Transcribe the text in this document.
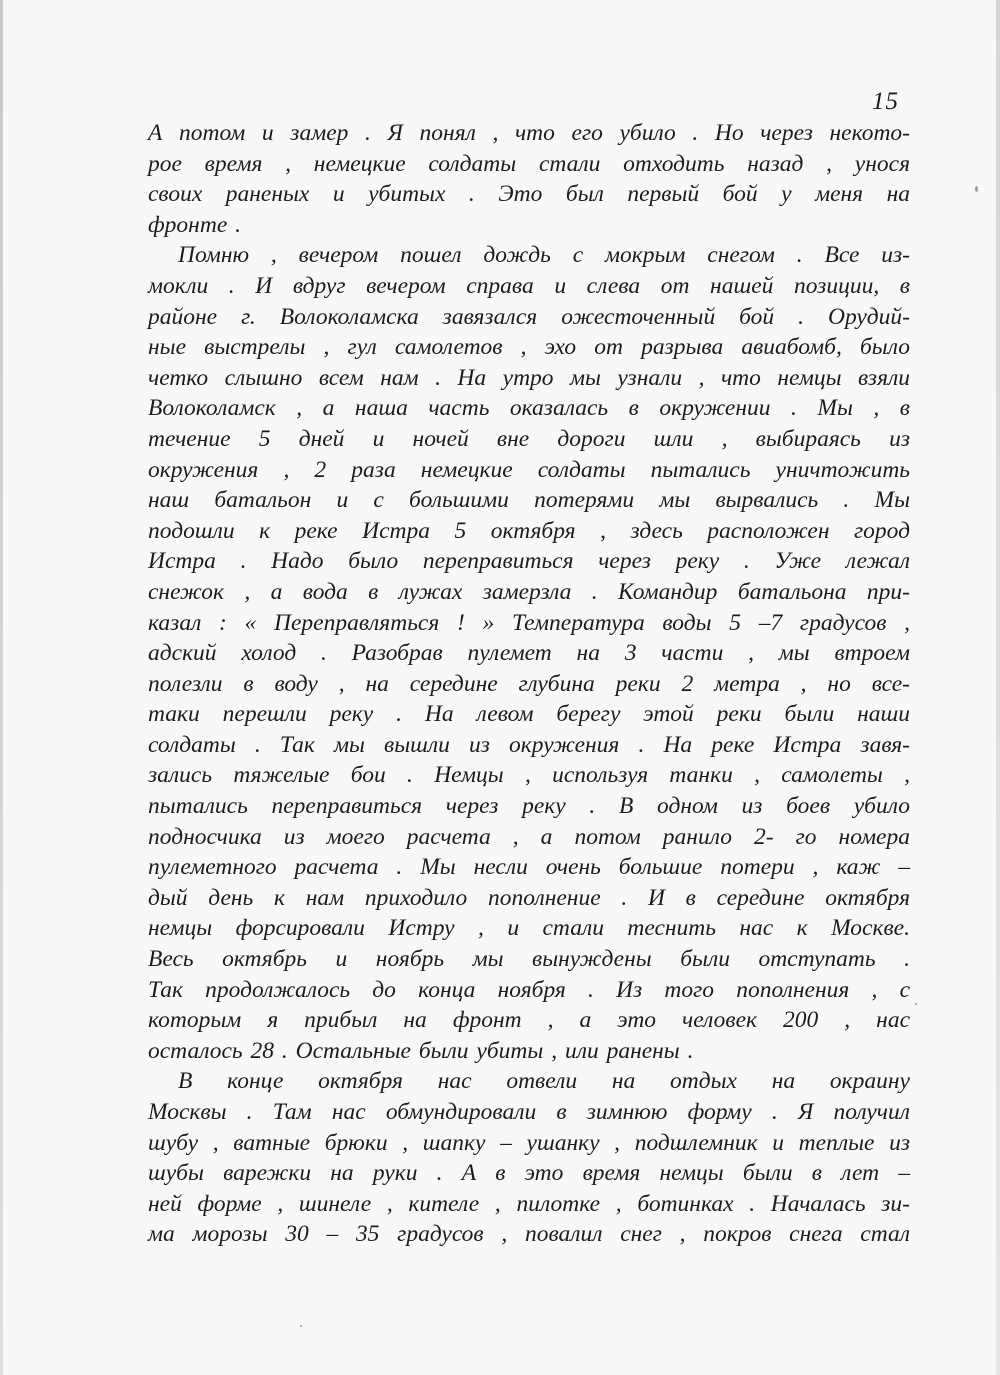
15
А потом и замер . Я понял , что его убило . Но через некото-
рое время , немецкие солдаты стали отходить назад , унося
своих раненых и убитых . Это был первый бой у меня на
фронте .
Помню , вечером пошел дождь с мокрым снегом . Все из-
мокли . И вдруг вечером справа и слева от нашей позиции, в
районе г. Волоколамска завязался ожесточенный бой . Орудий-
ные выстрелы , гул самолетов , эхо от разрыва авиабомб, было
четко слышно всем нам . На утро мы узнали , что немцы взяли
Волоколамск , а наша часть оказалась в окружении . Мы , в
течение 5 дней и ночей вне дороги шли , выбираясь из
окружения , 2 раза немецкие солдаты пытались уничтожить
наш батальон и с большими потерями мы вырвались . Мы
подошли к реке Истра 5 октября , здесь расположен город
Истра . Надо было переправиться через реку . Уже лежал
снежок , а вода в лужах замерзла . Командир батальона при-
казал : « Переправляться ! » Температура воды 5 –7 градусов ,
адский холод . Разобрав пулемет на 3 части , мы втроем
полезли в воду , на середине глубина реки 2 метра , но все-
таки перешли реку . На левом берегу этой реки были наши
солдаты . Так мы вышли из окружения . На реке Истра завя-
зались тяжелые бои . Немцы , используя танки , самолеты ,
пытались переправиться через реку . В одном из боев убило
подносчика из моего расчета , а потом ранило 2- го номера
пулеметного расчета . Мы несли очень большие потери , каж –
дый день к нам приходило пополнение . И в середине октября
немцы форсировали Истру , и стали теснить нас к Москве.
Весь октябрь и ноябрь мы вынуждены были отступать .
Так продолжалось до конца ноября . Из того пополнения , с
которым я прибыл на фронт , а это человек 200 , нас
осталось 28 . Остальные были убиты , или ранены .
В конце октября нас отвели на отдых на окраину
Москвы . Там нас обмундировали в зимнюю форму . Я получил
шубу , ватные брюки , шапку – ушанку , подшлемник и теплые из
шубы варежки на руки . А в это время немцы были в лет –
ней форме , шинеле , кителе , пилотке , ботинках . Началась зи-
ма морозы 30 – 35 градусов , повалил снег , покров снега стал
